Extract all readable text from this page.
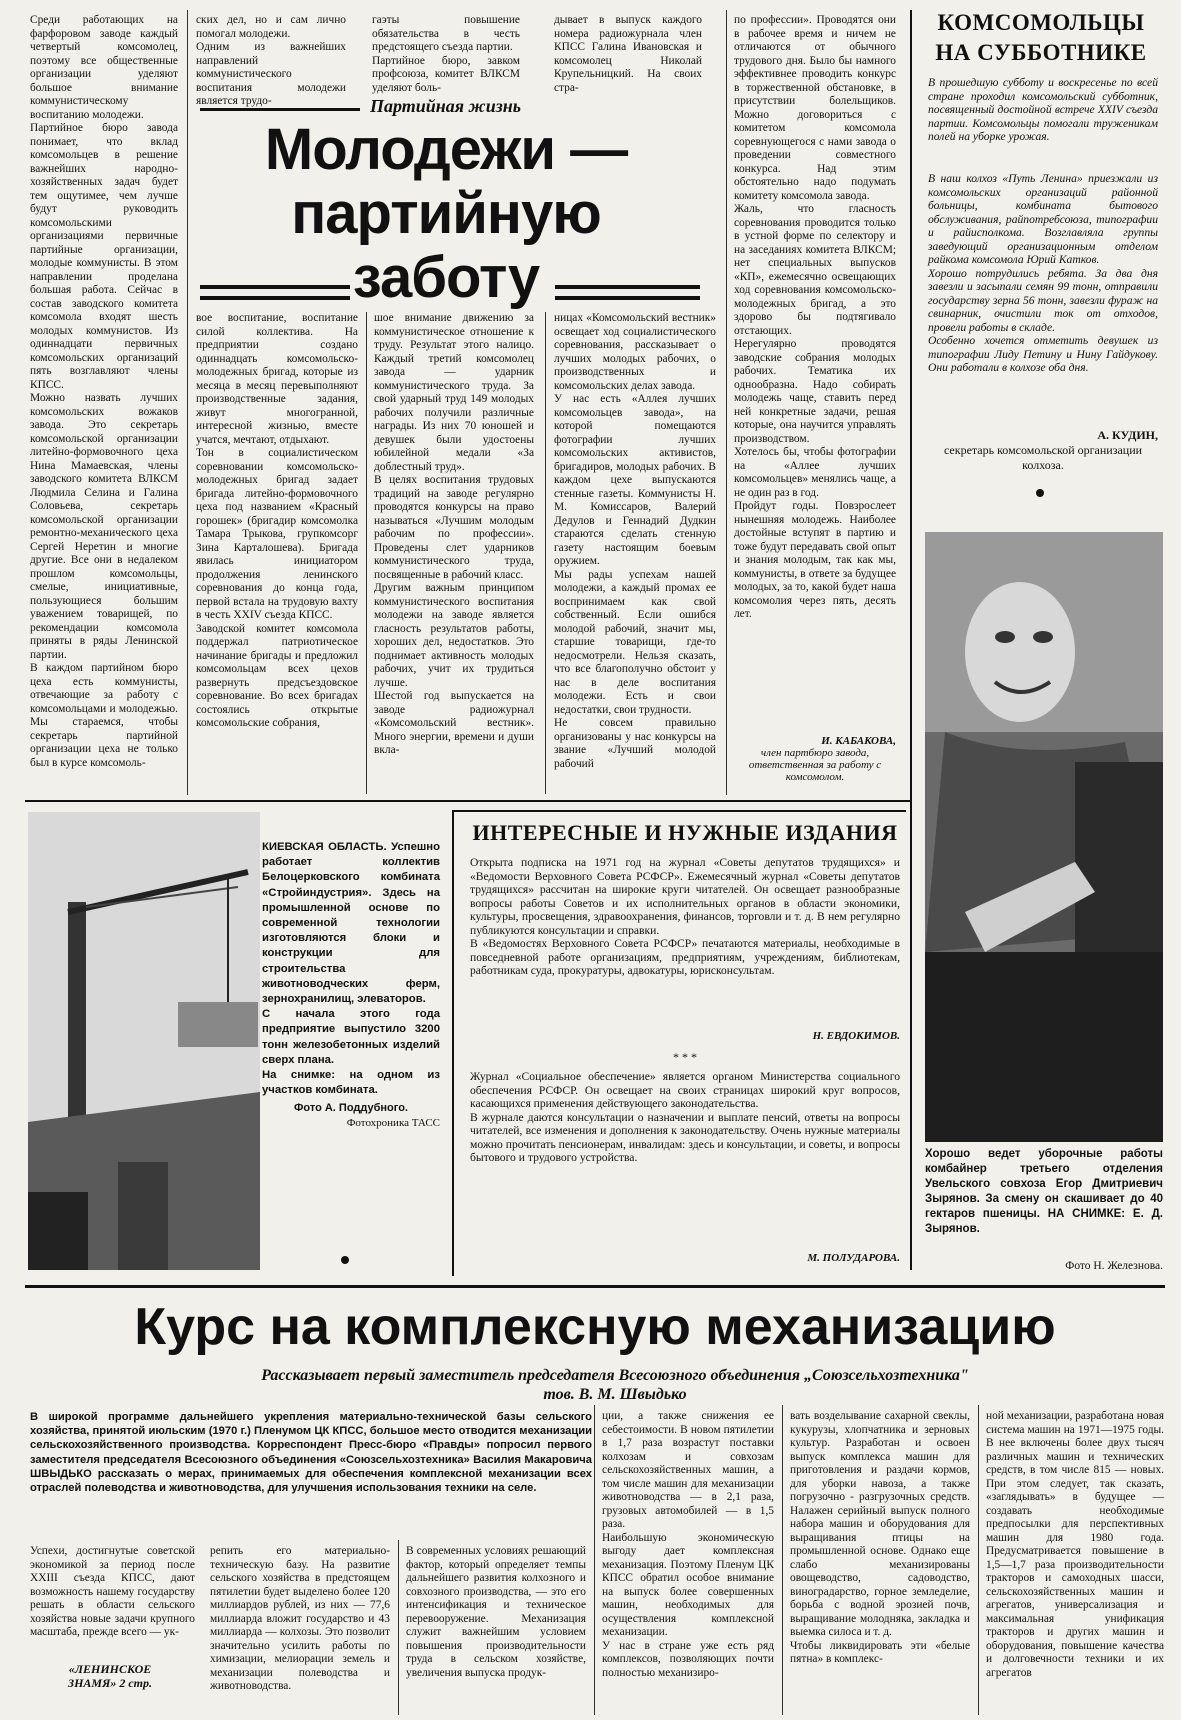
Среди работающих на фарфоровом заводе каждый четвертый комсомолец, поэтому все общественные организации уделяют большое внимание коммунистическому воспитанию молодежи.
Партийное бюро завода понимает, что вклад комсомольцев в решение важнейших народно-хозяйственных задач будет тем ощутимее, чем лучше будут руководить комсомольскими организациями первичные партийные организации, молодые коммунисты. В этом направлении проделана большая работа. Сейчас в состав заводского комитета комсомола входят шесть молодых коммунистов. Из одиннадцати первичных комсомольских организаций пять возглавляют члены КПСС.
Можно назвать лучших комсомольских вожаков завода. Это секретарь комсомольской организации литейно-формовочного цеха Нина Мамаевская, члены заводского комитета ВЛКСМ Людмила Селина и Галина Соловьева, секретарь комсомольской организации ремонтно-механического цеха Сергей Неретин и многие другие. Все они в недалеком прошлом комсомольцы, смелые, инициативные, пользующиеся большим уважением товарищей, по рекомендации комсомола приняты в ряды Ленинской партии.
В каждом партийном бюро цеха есть коммунисты, отвечающие за работу с комсомольцами и молодежью. Мы стараемся, чтобы секретарь партийной организации цеха не только был в курсе комсомоль-
ских дел, но и сам лично помогал молодежи.
Одним из важнейших направлений коммунистического воспитания молодежи является трудо-
гаэты повышение обязательства в честь предстоящего съезда партии.
Партийное бюро, завком профсоюза, комитет ВЛКСМ уделяют боль-
дывает в выпуск каждого номера радиожурнала член КПСС Галина Ивановская и комсомолец Николай Крупельницкий. На своих стра-
Партийная жизнь
Молодежи —
партийную
заботу
вое воспитание, воспитание силой коллектива. На предприятии создано одиннадцать комсомольско-молодежных бригад, которые из месяца в месяц перевыполняют производственные задания, живут многогранной, интересной жизнью, вместе учатся, мечтают, отдыхают.
Тон в социалистическом соревновании комсомольско-молодежных бригад задает бригада литейно-формовочного цеха под названием «Красный горошек» (бригадир комсомолка Тамара Трыкова, групкомсорг Зина Карталошева). Бригада явилась инициатором продолжения ленинского соревнования до конца года, первой встала на трудовую вахту в честь XXIV съезда КПСС.
Заводской комитет комсомола поддержал патриотическое начинание бригады и предложил комсомольцам всех цехов развернуть предсъездовское соревнование. Во всех бригадах состоялись открытые комсомольские собрания,
шое внимание движению за коммунистическое отношение к труду. Результат этого налицо. Каждый третий комсомолец завода — ударник коммунистического труда. За свой ударный труд 149 молодых рабочих получили различные награды. Из них 70 юношей и девушек были удостоены юбилейной медали «За доблестный труд».
В целях воспитания трудовых традиций на заводе регулярно проводятся конкурсы на право называться «Лучшим молодым рабочим по профессии». Проведены слет ударников коммунистического труда, посвященные в рабочий класс.
Другим важным принципом коммунистического воспитания молодежи на заводе является гласность результатов работы, хороших дел, недостатков. Это поднимает активность молодых рабочих, учит их трудиться лучше.
Шестой год выпускается на заводе радиожурнал «Комсомольский вестник». Много энергии, времени и души вкла-
ницах «Комсомольский вестник» освещает ход социалистического соревнования, рассказывает о лучших молодых рабочих, о производственных и комсомольских делах завода.
У нас есть «Аллея лучших комсомольцев завода», на которой помещаются фотографии лучших комсомольских активистов, бригадиров, молодых рабочих. В каждом цехе выпускаются стенные газеты. Коммунисты Н. М. Комиссаров, Валерий Дедулов и Геннадий Дудкин стараются сделать стенную газету настоящим боевым оружием.
Мы рады успехам нашей молодежи, а каждый промах ее воспринимаем как свой собственный. Если ошибся молодой рабочий, значит мы, старшие товарищи, где-то недосмотрели. Нельзя сказать, что все благополучно обстоит у нас в деле воспитания молодежи. Есть и свои недостатки, свои трудности.
Не совсем правильно организованы у нас конкурсы на звание «Лучший молодой рабочий
по профессии». Проводятся они в рабочее время и ничем не отличаются от обычного трудового дня. Было бы намного эффективнее проводить конкурс в торжественной обстановке, в присутствии болельщиков. Можно договориться с комитетом комсомола соревнующегося с нами завода о проведении совместного конкурса. Над этим обстоятельно надо подумать комитету комсомола завода.
Жаль, что гласность соревнования проводится только в устной форме по селектору и на заседаниях комитета ВЛКСМ; нет специальных выпусков «КП», ежемесячно освещающих ход соревнования комсомольско-молодежных бригад, а это здорово бы подтягивало отстающих.
Нерегулярно проводятся заводские собрания молодых рабочих. Тематика их однообразна. Надо собирать молодежь чаще, ставить перед ней конкретные задачи, решая которые, она научится управлять производством.
Хотелось бы, чтобы фотографии на «Аллее лучших комсомольцев» менялись чаще, а не один раз в год.
Пройдут годы. Повзрослеет нынешняя молодежь. Наиболее достойные вступят в партию и тоже будут передавать свой опыт и знания молодым, так как мы, коммунисты, в ответе за будущее молодых, за то, какой будет наша комсомолия через пять, десять лет.
И. КАБАКОВА,
член партбюро завода, ответственная за работу с комсомолом.
КОМСОМОЛЬЦЫ НА СУББОТНИКЕ
В прошедшую субботу и воскресенье по всей стране проходил комсомольский субботник, посвященный достойной встрече XXIV съезда партии. Комсомольцы помогали труженикам полей на уборке урожая.
В наш колхоз «Путь Ленина» приезжали из комсомольских организаций районной больницы, комбината бытового обслуживания, райпотребсоюза, типографии и райисполкома. Возглавляла группы заведующий организационным отделом райкома комсомола Юрий Катков.
Хорошо потрудились ребята. За два дня завезли и засыпали семян 99 тонн, отправили государству зерна 56 тонн, завезли фураж на свинарник, очистили ток от отходов, провели работы в складе.
Особенно хочется отметить девушек из типографии Лиду Петину и Нину Гайдукову. Они работали в колхозе оба дня.
А. КУДИН,
секретарь комсомольской организации колхоза.
Хорошо ведет уборочные работы комбайнер третьего отделения Увельского совхоза Егор Дмитриевич Зырянов. За смену он скашивает до 40 гектаров пшеницы. НА СНИМКЕ: Е. Д. Зырянов.
Фото Н. Железнова.
КИЕВСКАЯ ОБЛАСТЬ. Успешно работает коллектив Белоцерковского комбината «Стройиндустрия». Здесь на промышленной основе по современной технологии изготовляются блоки и конструкции для строительства животноводческих ферм, зернохранилищ, элеваторов.
С начала этого года предприятие выпустило 3200 тонн железобетонных изделий сверх плана.
На снимке: на одном из участков комбината.
Фото А. Поддубного.
Фотохроника ТАСС
ИНТЕРЕСНЫЕ И НУЖНЫЕ ИЗДАНИЯ
Открыта подписка на 1971 год на журнал «Советы депутатов трудящихся» и «Ведомости Верховного Совета РСФСР». Ежемесячный журнал «Советы депутатов трудящихся» рассчитан на широкие круги читателей. Он освещает разнообразные вопросы работы Советов и их исполнительных органов в области экономики, культуры, просвещения, здравоохранения, финансов, торговли и т. д. В нем регулярно публикуются консультации и справки.
В «Ведомостях Верховного Совета РСФСР» печатаются материалы, необходимые в повседневной работе организациям, предприятиям, учреждениям, библиотекам, работникам суда, прокуратуры, адвокатуры, юрисконсультам.
Н. ЕВДОКИМОВ.
* * *
Журнал «Социальное обеспечение» является органом Министерства социального обеспечения РСФСР. Он освещает на своих страницах широкий круг вопросов, касающихся применения действующего законодательства.
В журнале даются консультации о назначении и выплате пенсий, ответы на вопросы читателей, все изменения и дополнения к законодательству. Очень нужные материалы можно прочитать пенсионерам, инвалидам: здесь и консультации, и советы, и вопросы бытового и трудового устройства.
М. ПОЛУДАРОВА.
Курс на комплексную механизацию
Рассказывает первый заместитель председателя Всесоюзного объединения „Союзсельхозтехника" тов. В. М. Швыдько
В широкой программе дальнейшего укрепления материально-технической базы сельского хозяйства, принятой июльским (1970 г.) Пленумом ЦК КПСС, большое место отводится механизации сельскохозяйственного производства. Корреспондент Пресс-бюро «Правды» попросил первого заместителя председателя Всесоюзного объединения «Союзсельхозтехника» Василия Макаровича ШВЫДЬКО рассказать о мерах, принимаемых для обеспечения комплексной механизации всех отраслей полеводства и животноводства, для улучшения использования техники на селе.
Успехи, достигнутые советской экономикой за период после XXIII съезда КПСС, дают возможность нашему государству решать в области сельского хозяйства новые задачи крупного масштаба, прежде всего — ук-
«ЛЕНИНСКОЕ ЗНАМЯ» 2 стр.
репить его материально-техническую базу. На развитие сельского хозяйства в предстоящем пятилетии будет выделено более 120 миллиардов рублей, из них — 77,6 миллиарда вложит государство и 43 миллиарда — колхозы. Это позволит значительно усилить работы по химизации, мелиорации земель и механизации полеводства и животноводства.
В современных условиях решающий фактор, который определяет темпы дальнейшего развития колхозного и совхозного производства, — это его интенсификация и техническое перевооружение. Механизация служит важнейшим условием повышения производительности труда в сельском хозяйстве, увеличения выпуска продук-
ции, а также снижения ее себестоимости. В новом пятилетии в 1,7 раза возрастут поставки колхозам и совхозам сельскохозяйственных машин, а том числе машин для механизации животноводства — в 2,1 раза, грузовых автомобилей — в 1,5 раза.
Наибольшую экономическую выгоду дает комплексная механизация. Поэтому Пленум ЦК КПСС обратил особое внимание на выпуск более совершенных машин, необходимых для осуществления комплексной механизации.
У нас в стране уже есть ряд комплексов, позволяющих почти полностью механизиро-
вать возделывание сахарной свеклы, кукурузы, хлопчатника и зерновых культур. Разработан и освоен выпуск комплекса машин для приготовления и раздачи кормов, для уборки навоза, а также погрузочно - разгрузочных средств. Налажен серийный выпуск полного набора машин и оборудования для выращивания птицы на промышленной основе. Однако еще слабо механизированы овощеводство, садоводство, виноградарство, горное земледелие, борьба с водной эрозией почв, выращивание молодняка, закладка и выемка силоса и т. д.
Чтобы ликвидировать эти «белые пятна» в комплекс-
ной механизации, разработана новая система машин на 1971—1975 годы. В нее включены более двух тысяч различных машин и технических средств, в том числе 815 — новых. При этом следует, так сказать, «заглядывать» в будущее — создавать необходимые предпосылки для перспективных машин для 1980 года. Предусматривается повышение в 1,5—1,7 раза производительности тракторов и самоходных шасси, сельскохозяйственных машин и агрегатов, универсализация и максимальная унификация тракторов и других машин и оборудования, повышение качества и долговечности техники и их агрегатов
